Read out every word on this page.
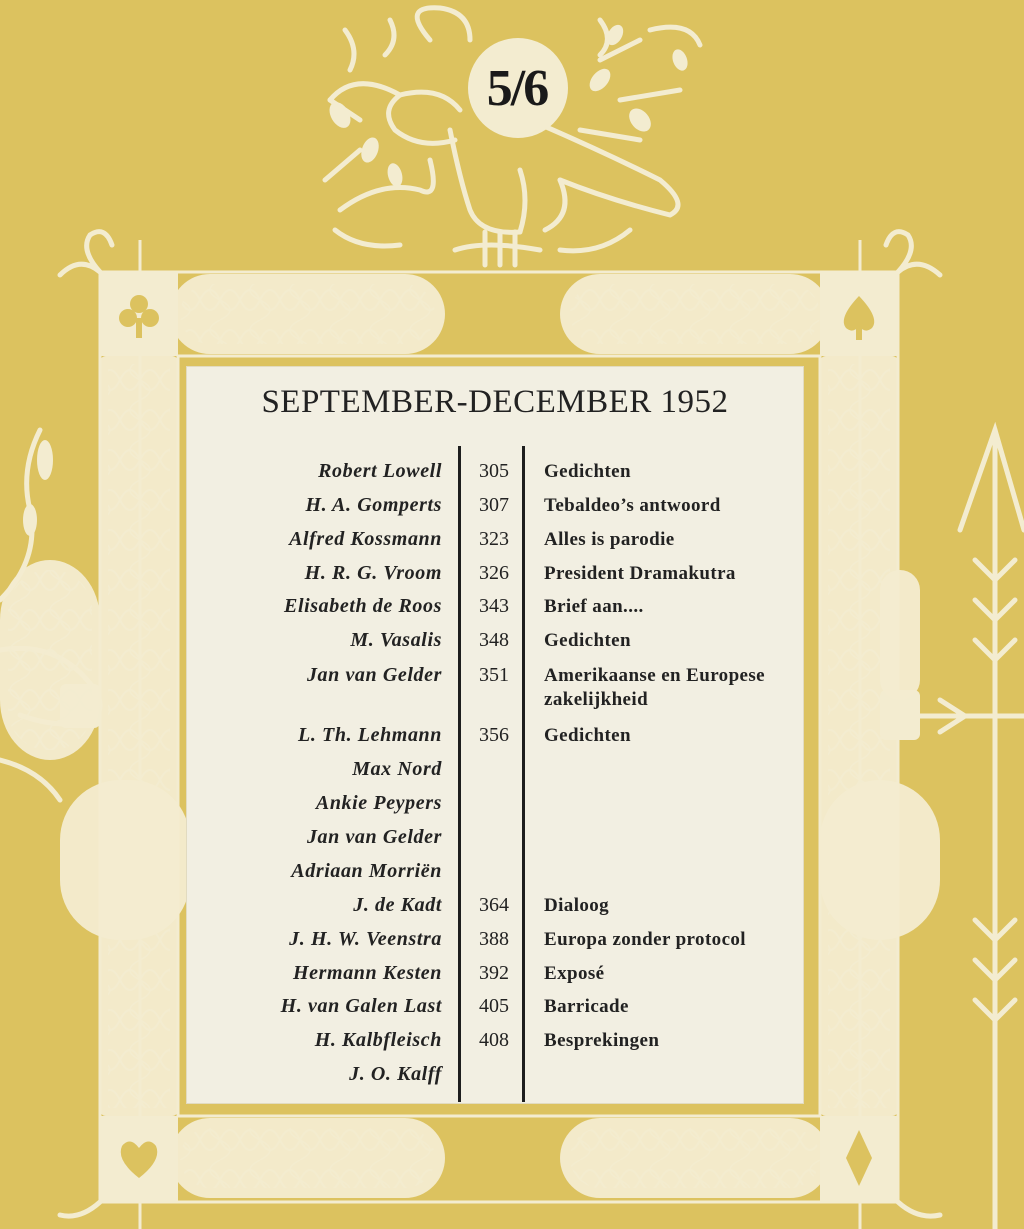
5/6
SEPTEMBER-DECEMBER 1952
Robert Lowell 305 Gedichten
H. A. Gomperts 307 Tebaldeo’s antwoord
Alfred Kossmann 323 Alles is parodie
H. R. G. Vroom 326 President Dramakutra
Elisabeth de Roos 343 Brief aan....
M. Vasalis 348 Gedichten
Jan van Gelder 351 Amerikaanse en Europese zakelijkheid
L. Th. Lehmann 356 Gedichten
Max Nord
Ankie Peypers
Jan van Gelder
Adriaan Morriën
J. de Kadt 364 Dialoog
J. H. W. Veenstra 388 Europa zonder protocol
Hermann Kesten 392 Exposé
H. van Galen Last 405 Barricade
H. Kalbfleisch 408 Besprekingen
J. O. Kalff
